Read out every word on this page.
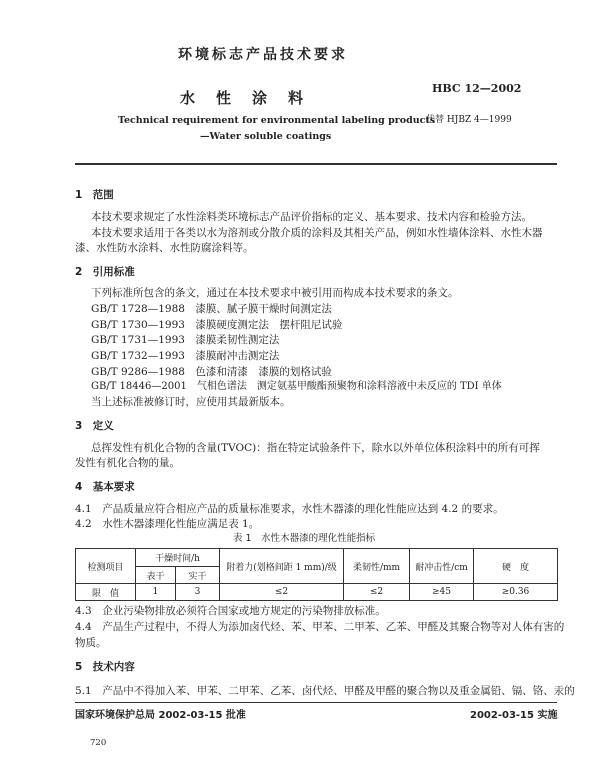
环境标志产品技术要求
水　性　涂　料
HBC 12—2002
代替 HJBZ 4—1999
Technical requirement for environmental labeling products
—Water soluble coatings
1　范围
本技术要求规定了水性涂料类环境标志产品评价指标的定义、基本要求、技术内容和检验方法。
本技术要求适用于各类以水为溶剂或分散介质的涂料及其相关产品，例如水性墙体涂料、水性木器
漆、水性防水涂料、水性防腐涂料等。
2　引用标准
下列标准所包含的条文，通过在本技术要求中被引用而构成本技术要求的条文。
GB/T 1728—1988　漆膜、腻子膜干燥时间测定法
GB/T 1730—1993　漆膜硬度测定法　摆杆阻尼试验
GB/T 1731—1993　漆膜柔韧性测定法
GB/T 1732—1993　漆膜耐冲击测定法
GB/T 9286—1988　色漆和清漆　漆膜的划格试验
GB/T 18446—2001　气相色谱法　测定氨基甲酸酯预聚物和涂料溶液中未反应的 TDI 单体
当上述标准被修订时，应使用其最新版本。
3　定义
总挥发性有机化合物的含量(TVOC)：指在特定试验条件下，除水以外单位体积涂料中的所有可挥
发性有机化合物的量。
4　基本要求
4.1　产品质量应符合相应产品的质量标准要求，水性木器漆的理化性能应达到 4.2 的要求。
4.2　水性木器漆理化性能应满足表 1。
表 1　水性木器漆的理化性能指标
检测项目	干燥时间/h		附着力(划格间距 1 mm)/级	柔韧性/mm	耐冲击性/cm	硬　度
	表干	实干				
限　值	1	3	≤2	≤2	≥45	≥0.36
4.3　企业污染物排放必须符合国家或地方规定的污染物排放标准。
4.4　产品生产过程中，不得人为添加卤代烃、苯、甲苯、二甲苯、乙苯、甲醛及其聚合物等对人体有害的
物质。
5　技术内容
5.1　产品中不得加入苯、甲苯、二甲苯、乙苯、卤代烃、甲醛及甲醛的聚合物以及重金属铅、镉、铬、汞的
国家环境保护总局 2002-03-15 批准	2002-03-15 实施
720
